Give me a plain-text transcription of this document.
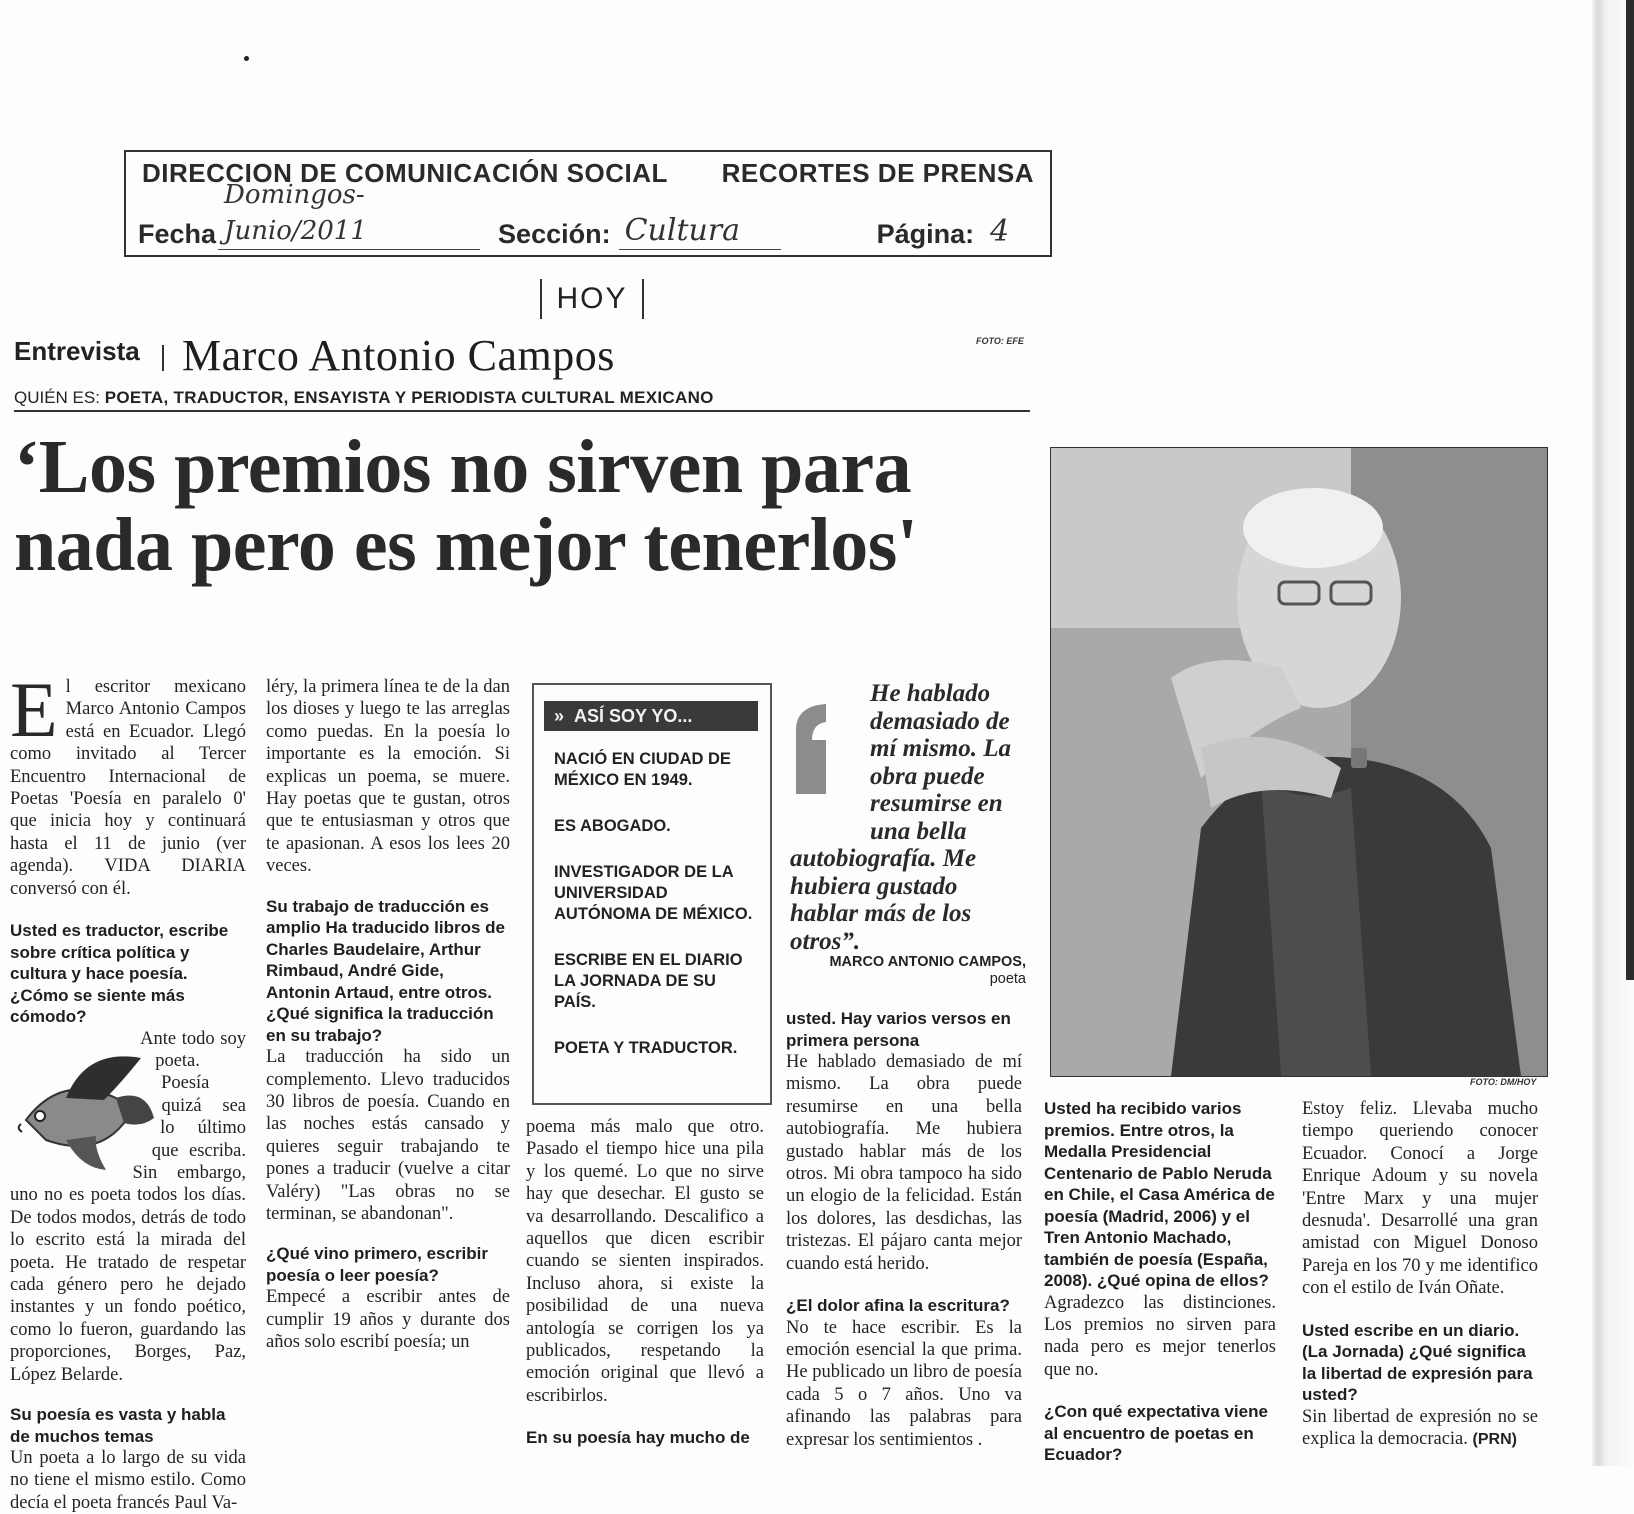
DIRECCION DE COMUNICACIÓN SOCIAL RECORTES DE PRENSA
Fecha
Domingos-Junio/2011	Sección: Cultura	Página: 4
HOY
Entrevista Marco Antonio Campos	FOTO: EFE
QUIÉN ES: POETA, TRADUCTOR, ENSAYISTA Y PERIODISTA CULTURAL MEXICANO
‘Los premios no sirven para
nada pero es mejor tenerlos'
FOTO: DM/HOY

El escritor mexicano Marco Antonio Campos está en Ecuador. Llegó como invitado al Tercer Encuentro Internacional de Poetas 'Poesía en paralelo 0' que inicia hoy y continuará hasta el 11 de junio (ver agenda). VIDA DIARIA conversó con él.

Usted es traductor, escribe sobre crítica política y cultura y hace poesía. ¿Cómo se siente más cómodo?

Ante todo soy poeta. Poesía quizá sea lo último que escriba. Sin embargo, uno no es poeta todos los días. De todos modos, detrás de todo lo escrito está la mirada del poeta. He tratado de respetar cada género pero he dejado instantes y un fondo poético, como lo fueron, guardando las proporciones, Borges, Paz, López Belarde.

Su poesía es vasta y habla de muchos temas

Un poeta a lo largo de su vida no tiene el mismo estilo. Como decía el poeta francés Paul Va-

léry, la primera línea te de la dan los dioses y luego te las arreglas como puedas. En la poesía lo importante es la emoción. Si explicas un poema, se muere. Hay poetas que te gustan, otros que te entusiasman y otros que te apasionan. A esos los lees 20 veces.

Su trabajo de traducción es amplio Ha traducido libros de Charles Baudelaire, Arthur Rimbaud, André Gide, Antonin Artaud, entre otros. ¿Qué significa la traducción en su trabajo?

La traducción ha sido un complemento. Llevo traducidos 30 libros de poesía. Cuando en las noches estás cansado y quieres seguir trabajando te pones a traducir (vuelve a citar Valéry) "Las obras no se terminan, se abandonan".

¿Qué vino primero, escribir poesía o leer poesía?

Empecé a escribir antes de cumplir 19 años y durante dos años solo escribí poesía; un

» ASÍ SOY YO...
NACIÓ EN CIUDAD DE MÉXICO EN 1949.
ES ABOGADO.
INVESTIGADOR DE LA UNIVERSIDAD AUTÓNOMA DE MÉXICO.
ESCRIBE EN EL DIARIO LA JORNADA DE SU PAÍS.
POETA Y TRADUCTOR.

poema más malo que otro. Pasado el tiempo hice una pila y los quemé. Lo que no sirve hay que desechar. El gusto se va desarrollando. Descalifico a aquellos que dicen escribir cuando se sienten inspirados. Incluso ahora, si existe la posibilidad de una nueva antología se corrigen los ya publicados, respetando la emoción original que llevó a escribirlos.

En su poesía hay mucho de

He hablado demasiado de mí mismo. La obra puede resumirse en una bella autobiografía. Me hubiera gustado hablar más de los otros”.

MARCO ANTONIO CAMPOS,
poeta

usted. Hay varios versos en primera persona

He hablado demasiado de mí mismo. La obra puede resumirse en una bella autobiografía. Me hubiera gustado hablar más de los otros. Mi obra tampoco ha sido un elogio de la felicidad. Están los dolores, las desdichas, las tristezas. El pájaro canta mejor cuando está herido.

¿El dolor afina la escritura?

No te hace escribir. Es la emoción esencial la que prima. He publicado un libro de poesía cada 5 o 7 años. Uno va afinando las palabras para expresar los sentimientos .

Usted ha recibido varios premios. Entre otros, la Medalla Presidencial Centenario de Pablo Neruda en Chile, el Casa América de poesía (Madrid, 2006) y el Tren Antonio Machado, también de poesía (España, 2008). ¿Qué opina de ellos?

Agradezco las distinciones. Los premios no sirven para nada pero es mejor tenerlos que no.

¿Con qué expectativa viene al encuentro de poetas en Ecuador?

Estoy feliz. Llevaba mucho tiempo queriendo conocer Ecuador. Conocí a Jorge Enrique Adoum y su novela 'Entre Marx y una mujer desnuda'. Desarrollé una gran amistad con Miguel Donoso Pareja en los 70 y me identifico con el estilo de Iván Oñate.

Usted escribe en un diario. (La Jornada) ¿Qué significa la libertad de expresión para usted?

Sin libertad de expresión no se explica la democracia. (PRN)
